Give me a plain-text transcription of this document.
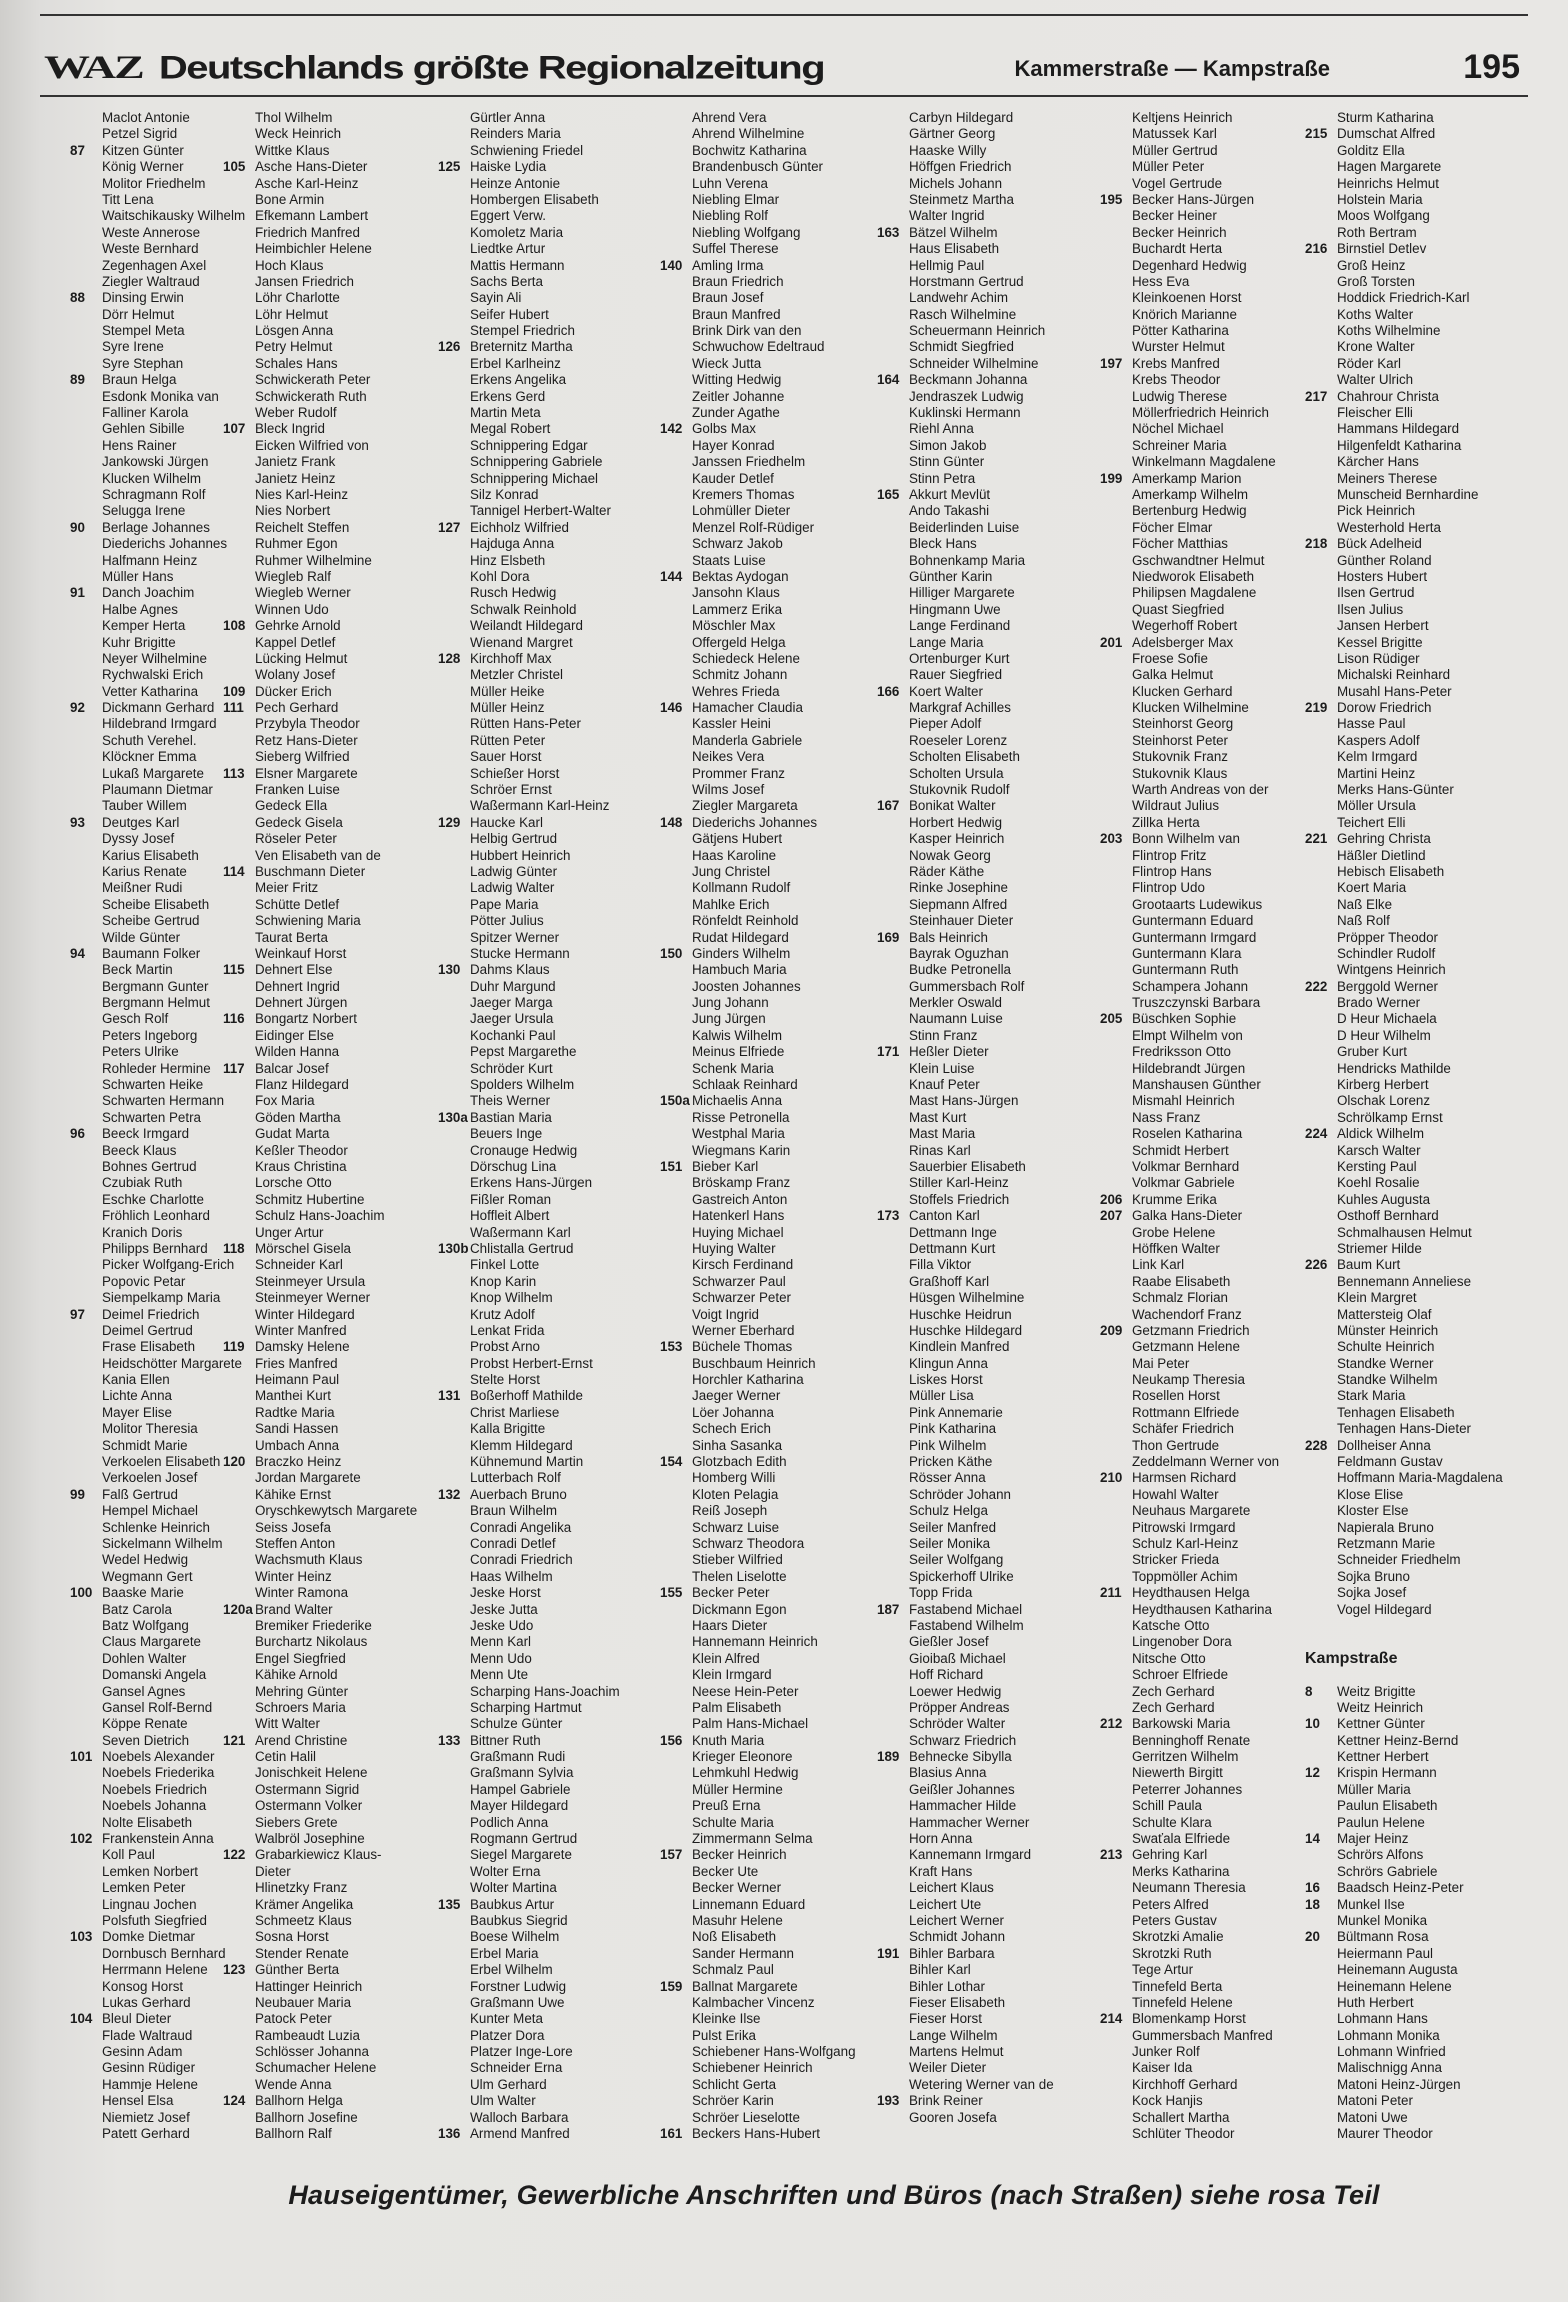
WAZ Deutschlands größte Regionalzeitung	Kammerstraße — Kampstraße	195
Maclot Antonie
Petzel Sigrid
87 Kitzen Günter
König Werner
Molitor Friedhelm
Titt Lena
Waitschikausky Wilhelm
Weste Annerose
Weste Bernhard
Zegenhagen Axel
Ziegler Waltraud
88 Dinsing Erwin
Dörr Helmut
Stempel Meta
Syre Irene
Syre Stephan
89 Braun Helga
Esdonk Monika van
Falliner Karola
Gehlen Sibille
Hens Rainer
Jankowski Jürgen
Klucken Wilhelm
Schragmann Rolf
Selugga Irene
90 Berlage Johannes
Diederichs Johannes
Halfmann Heinz
Müller Hans
91 Danch Joachim
Halbe Agnes
Kemper Herta
Kuhr Brigitte
Neyer Wilhelmine
Rychwalski Erich
Vetter Katharina
92 Dickmann Gerhard
Hildebrand Irmgard
Schuth Verehel.
Klöckner Emma
Lukaß Margarete
Plaumann Dietmar
Tauber Willem
93 Deutges Karl
Dyssy Josef
Karius Elisabeth
Karius Renate
Meißner Rudi
Scheibe Elisabeth
Scheibe Gertrud
Wilde Günter
94 Baumann Folker
Beck Martin
Bergmann Gunter
Bergmann Helmut
Gesch Rolf
Peters Ingeborg
Peters Ulrike
Rohleder Hermine
Schwarten Heike
Schwarten Hermann
Schwarten Petra
96 Beeck Irmgard
Beeck Klaus
Bohnes Gertrud
Czubiak Ruth
Eschke Charlotte
Fröhlich Leonhard
Kranich Doris
Philipps Bernhard
Picker Wolfgang-Erich
Popovic Petar
Siempelkamp Maria
97 Deimel Friedrich
Deimel Gertrud
Frase Elisabeth
Heidschötter Margarete
Kania Ellen
Lichte Anna
Mayer Elise
Molitor Theresia
Schmidt Marie
Verkoelen Elisabeth
Verkoelen Josef
99 Falß Gertrud
Hempel Michael
Schlenke Heinrich
Sickelmann Wilhelm
Wedel Hedwig
Wegmann Gert
100 Baaske Marie
Batz Carola
Batz Wolfgang
Claus Margarete
Dohlen Walter
Domanski Angela
Gansel Agnes
Gansel Rolf-Bernd
Köppe Renate
Seven Dietrich
101 Noebels Alexander
Noebels Friederika
Noebels Friedrich
Noebels Johanna
Nolte Elisabeth
102 Frankenstein Anna
Koll Paul
Lemken Norbert
Lemken Peter
Lingnau Jochen
Polsfuth Siegfried
103 Domke Dietmar
Dornbusch Bernhard
Herrmann Helene
Konsog Horst
Lukas Gerhard
104 Bleul Dieter
Flade Waltraud
Gesinn Adam
Gesinn Rüdiger
Hammje Helene
Hensel Elsa
Niemietz Josef
Patett Gerhard
Thol Wilhelm
Weck Heinrich
Wittke Klaus
105 Asche Hans-Dieter
Asche Karl-Heinz
Bone Armin
Efkemann Lambert
Friedrich Manfred
Heimbichler Helene
Hoch Klaus
Jansen Friedrich
Löhr Charlotte
Löhr Helmut
Lösgen Anna
Petry Helmut
Schales Hans
Schwickerath Peter
Schwickerath Ruth
Weber Rudolf
107 Bleck Ingrid
Eicken Wilfried von
Janietz Frank
Janietz Heinz
Nies Karl-Heinz
Nies Norbert
Reichelt Steffen
Ruhmer Egon
Ruhmer Wilhelmine
Wiegleb Ralf
Wiegleb Werner
Winnen Udo
108 Gehrke Arnold
Kappel Detlef
Lücking Helmut
Wolany Josef
109 Dücker Erich
111 Pech Gerhard
Przybyla Theodor
Retz Hans-Dieter
Sieberg Wilfried
113 Elsner Margarete
Franken Luise
Gedeck Ella
Gedeck Gisela
Röseler Peter
Ven Elisabeth van de
114 Buschmann Dieter
Meier Fritz
Schütte Detlef
Schwiening Maria
Taurat Berta
Weinkauf Horst
115 Dehnert Else
Dehnert Ingrid
Dehnert Jürgen
116 Bongartz Norbert
Eidinger Else
Wilden Hanna
117 Balcar Josef
Flanz Hildegard
Fox Maria
Göden Martha
Gudat Marta
Keßler Theodor
Kraus Christina
Lorsche Otto
Schmitz Hubertine
Schulz Hans-Joachim
Unger Artur
118 Mörschel Gisela
Schneider Karl
Steinmeyer Ursula
Steinmeyer Werner
Winter Hildegard
Winter Manfred
119 Damsky Helene
Fries Manfred
Heimann Paul
Manthei Kurt
Radtke Maria
Sandi Hassen
Umbach Anna
120 Braczko Heinz
Jordan Margarete
Kähike Ernst
Oryschkewytsch Margarete
Seiss Josefa
Steffen Anton
Wachsmuth Klaus
Winter Heinz
Winter Ramona
120a Brand Walter
Bremiker Friederike
Burchartz Nikolaus
Engel Siegfried
Kähike Arnold
Mehring Günter
Schroers Maria
Witt Walter
121 Arend Christine
Cetin Halil
Jonischkeit Helene
Ostermann Sigrid
Ostermann Volker
Siebers Grete
Walbröl Josephine
122 Grabarkiewicz Klaus-
Dieter
Hlinetzky Franz
Krämer Angelika
Schmeetz Klaus
Sosna Horst
Stender Renate
123 Günther Berta
Hattinger Heinrich
Neubauer Maria
Patock Peter
Rambeaudt Luzia
Schlösser Johanna
Schumacher Helene
Wende Anna
124 Ballhorn Helga
Ballhorn Josefine
Ballhorn Ralf
Gürtler Anna
Reinders Maria
Schwiening Friedel
125 Haiske Lydia
Heinze Antonie
Hombergen Elisabeth
Eggert Verw.
Komoletz Maria
Liedtke Artur
Mattis Hermann
Sachs Berta
Sayin Ali
Seifer Hubert
Stempel Friedrich
126 Breternitz Martha
Erbel Karlheinz
Erkens Angelika
Erkens Gerd
Martin Meta
Megal Robert
Schnippering Edgar
Schnippering Gabriele
Schnippering Michael
Silz Konrad
Tannigel Herbert-Walter
127 Eichholz Wilfried
Hajduga Anna
Hinz Elsbeth
Kohl Dora
Rusch Hedwig
Schwalk Reinhold
Weilandt Hildegard
Wienand Margret
128 Kirchhoff Max
Metzler Christel
Müller Heike
Müller Heinz
Rütten Hans-Peter
Rütten Peter
Sauer Horst
Schießer Horst
Schröer Ernst
Waßermann Karl-Heinz
129 Haucke Karl
Helbig Gertrud
Hubbert Heinrich
Ladwig Günter
Ladwig Walter
Pape Maria
Pötter Julius
Spitzer Werner
Stucke Hermann
130 Dahms Klaus
Duhr Margund
Jaeger Marga
Jaeger Ursula
Kochanki Paul
Pepst Margarethe
Schröder Kurt
Spolders Wilhelm
Theis Werner
130a Bastian Maria
Beuers Inge
Cronauge Hedwig
Dörschug Lina
Erkens Hans-Jürgen
Fißler Roman
Hoffleit Albert
Waßermann Karl
130bChlistalla Gertrud
Finkel Lotte
Knop Karin
Knop Wilhelm
Krutz Adolf
Lenkat Frida
Probst Arno
Probst Herbert-Ernst
Stelte Horst
131 Boßerhoff Mathilde
Christ Marliese
Kalla Brigitte
Klemm Hildegard
Kühnemund Martin
Lutterbach Rolf
132 Auerbach Bruno
Braun Wilhelm
Conradi Angelika
Conradi Detlef
Conradi Friedrich
Haas Wilhelm
Jeske Horst
Jeske Jutta
Jeske Udo
Menn Karl
Menn Udo
Menn Ute
Scharping Hans-Joachim
Scharping Hartmut
Schulze Günter
133 Bittner Ruth
Graßmann Rudi
Graßmann Sylvia
Hampel Gabriele
Mayer Hildegard
Podlich Anna
Rogmann Gertrud
Siegel Margarete
Wolter Erna
Wolter Martina
135 Baubkus Artur
Baubkus Siegrid
Boese Wilhelm
Erbel Maria
Erbel Wilhelm
Forstner Ludwig
Graßmann Uwe
Kunter Meta
Platzer Dora
Platzer Inge-Lore
Schneider Erna
Ulm Gerhard
Ulm Walter
Walloch Barbara
136 Armend Manfred
Ahrend Vera
Ahrend Wilhelmine
Bochwitz Katharina
Brandenbusch Günter
Luhn Verena
Niebling Elmar
Niebling Rolf
Niebling Wolfgang
Suffel Therese
140 Amling Irma
Braun Friedrich
Braun Josef
Braun Manfred
Brink Dirk van den
Schwuchow Edeltraud
Wieck Jutta
Witting Hedwig
Zeitler Johanne
Zunder Agathe
142 Golbs Max
Hayer Konrad
Janssen Friedhelm
Kauder Detlef
Kremers Thomas
Lohmüller Dieter
Menzel Rolf-Rüdiger
Schwarz Jakob
Staats Luise
144 Bektas Aydogan
Jansohn Klaus
Lammerz Erika
Möschler Max
Offergeld Helga
Schiedeck Helene
Schmitz Johann
Wehres Frieda
146 Hamacher Claudia
Kassler Heini
Manderla Gabriele
Neikes Vera
Prommer Franz
Wilms Josef
Ziegler Margareta
148 Diederichs Johannes
Gätjens Hubert
Haas Karoline
Jung Christel
Kollmann Rudolf
Mahlke Erich
Rönfeldt Reinhold
Rudat Hildegard
150 Ginders Wilhelm
Hambuch Maria
Joosten Johannes
Jung Johann
Jung Jürgen
Kalwis Wilhelm
Meinus Elfriede
Schenk Maria
Schlaak Reinhard
150a Michaelis Anna
Risse Petronella
Westphal Maria
Wiegmans Karin
151 Bieber Karl
Bröskamp Franz
Gastreich Anton
Hatenkerl Hans
Huying Michael
Huying Walter
Kirsch Ferdinand
Schwarzer Paul
Schwarzer Peter
Voigt Ingrid
Werner Eberhard
153 Büchele Thomas
Buschbaum Heinrich
Horchler Katharina
Jaeger Werner
Löer Johanna
Schech Erich
Sinha Sasanka
154 Glotzbach Edith
Homberg Willi
Kloten Pelagia
Reiß Joseph
Schwarz Luise
Schwarz Theodora
Stieber Wilfried
Thelen Liselotte
155 Becker Peter
Dickmann Egon
Haars Dieter
Hannemann Heinrich
Klein Alfred
Klein Irmgard
Neese Hein-Peter
Palm Elisabeth
Palm Hans-Michael
156 Knuth Maria
Krieger Eleonore
Lehmkuhl Hedwig
Müller Hermine
Preuß Erna
Schulte Maria
Zimmermann Selma
157 Becker Heinrich
Becker Ute
Becker Werner
Linnemann Eduard
Masuhr Helene
Noß Elisabeth
Sander Hermann
Schmalz Paul
159 Ballnat Margarete
Kalmbacher Vincenz
Kleinke Ilse
Pulst Erika
Schiebener Hans-Wolfgang
Schiebener Heinrich
Schlicht Gerta
Schröer Karin
Schröer Lieselotte
161 Beckers Hans-Hubert
Carbyn Hildegard
Gärtner Georg
Haaske Willy
Höffgen Friedrich
Michels Johann
Steinmetz Martha
Walter Ingrid
163 Bätzel Wilhelm
Haus Elisabeth
Hellmig Paul
Horstmann Gertrud
Landwehr Achim
Rasch Wilhelmine
Scheuermann Heinrich
Schmidt Siegfried
Schneider Wilhelmine
164 Beckmann Johanna
Jendraszek Ludwig
Kuklinski Hermann
Riehl Anna
Simon Jakob
Stinn Günter
Stinn Petra
165 Akkurt Mevlüt
Ando Takashi
Beiderlinden Luise
Bleck Hans
Bohnenkamp Maria
Günther Karin
Hilliger Margarete
Hingmann Uwe
Lange Ferdinand
Lange Maria
Ortenburger Kurt
Rauer Siegfried
166 Koert Walter
Markgraf Achilles
Pieper Adolf
Roeseler Lorenz
Scholten Elisabeth
Scholten Ursula
Stukovnik Rudolf
167 Bonikat Walter
Horbert Hedwig
Kasper Heinrich
Nowak Georg
Räder Käthe
Rinke Josephine
Siepmann Alfred
Steinhauer Dieter
169 Bals Heinrich
Bayrak Oguzhan
Budke Petronella
Gummersbach Rolf
Merkler Oswald
Naumann Luise
Stinn Franz
171 Heßler Dieter
Klein Luise
Knauf Peter
Mast Hans-Jürgen
Mast Kurt
Mast Maria
Rinas Karl
Sauerbier Elisabeth
Stiller Karl-Heinz
Stoffels Friedrich
173 Canton Karl
Dettmann Inge
Dettmann Kurt
Filla Viktor
Graßhoff Karl
Hüsgen Wilhelmine
Huschke Heidrun
Huschke Hildegard
Kindlein Manfred
Klingun Anna
Liskes Horst
Müller Lisa
Pink Annemarie
Pink Katharina
Pink Wilhelm
Pricken Käthe
Rösser Anna
Schröder Johann
Schulz Helga
Seiler Manfred
Seiler Monika
Seiler Wolfgang
Spickerhoff Ulrike
Topp Frida
187 Fastabend Michael
Fastabend Wilhelm
Gießler Josef
Gioibaß Michael
Hoff Richard
Loewer Hedwig
Pröpper Andreas
Schröder Walter
Schwarz Friedrich
189 Behnecke Sibylla
Blasius Anna
Geißler Johannes
Hammacher Hilde
Hammacher Werner
Horn Anna
Kannemann Irmgard
Kraft Hans
Leichert Klaus
Leichert Ute
Leichert Werner
Schmidt Johann
191 Bihler Barbara
Bihler Karl
Bihler Lothar
Fieser Elisabeth
Fieser Horst
Lange Wilhelm
Martens Helmut
Weiler Dieter
Wetering Werner van de
193 Brink Reiner
Gooren Josefa
Keltjens Heinrich
Matussek Karl
Müller Gertrud
Müller Peter
Vogel Gertrude
195 Becker Hans-Jürgen
Becker Heiner
Becker Heinrich
Buchardt Herta
Degenhard Hedwig
Hess Eva
Kleinkoenen Horst
Knörich Marianne
Pötter Katharina
Wurster Helmut
197 Krebs Manfred
Krebs Theodor
Ludwig Therese
Möllerfriedrich Heinrich
Nöchel Michael
Schreiner Maria
Winkelmann Magdalene
199 Amerkamp Marion
Amerkamp Wilhelm
Bertenburg Hedwig
Föcher Elmar
Föcher Matthias
Gschwandtner Helmut
Niedworok Elisabeth
Philipsen Magdalene
Quast Siegfried
Wegerhoff Robert
201 Adelsberger Max
Froese Sofie
Galka Helmut
Klucken Gerhard
Klucken Wilhelmine
Steinhorst Georg
Steinhorst Peter
Stukovnik Franz
Stukovnik Klaus
Warth Andreas von der
Wildraut Julius
Zillka Herta
203 Bonn Wilhelm van
Flintrop Fritz
Flintrop Hans
Flintrop Udo
Grootaarts Ludewikus
Guntermann Eduard
Guntermann Irmgard
Guntermann Klara
Guntermann Ruth
Schampera Johann
Truszczynski Barbara
205 Büschken Sophie
Elmpt Wilhelm von
Fredriksson Otto
Hildebrandt Jürgen
Manshausen Günther
Mismahl Heinrich
Nass Franz
Roselen Katharina
Schmidt Herbert
Volkmar Bernhard
Volkmar Gabriele
206 Krumme Erika
207 Galka Hans-Dieter
Grobe Helene
Höffken Walter
Link Karl
Raabe Elisabeth
Schmalz Florian
Wachendorf Franz
209 Getzmann Friedrich
Getzmann Helene
Mai Peter
Neukamp Theresia
Rosellen Horst
Rottmann Elfriede
Schäfer Friedrich
Thon Gertrude
Zeddelmann Werner von
210 Harmsen Richard
Howahl Walter
Neuhaus Margarete
Pitrowski Irmgard
Schulz Karl-Heinz
Stricker Frieda
Toppmöller Achim
211 Heydthausen Helga
Heydthausen Katharina
Katsche Otto
Lingenober Dora
Nitsche Otto
Schroer Elfriede
Zech Gerhard
Zech Gerhard
212 Barkowski Maria
Benninghoff Renate
Gerritzen Wilhelm
Niewerth Birgitt
Peterrer Johannes
Schill Paula
Schulte Klara
Swaťala Elfriede
213 Gehring Karl
Merks Katharina
Neumann Theresia
Peters Alfred
Peters Gustav
Skrotzki Amalie
Skrotzki Ruth
Tege Artur
Tinnefeld Berta
Tinnefeld Helene
214 Blomenkamp Horst
Gummersbach Manfred
Junker Rolf
Kaiser Ida
Kirchhoff Gerhard
Kock Hanjis
Schallert Martha
Schlüter Theodor
Sturm Katharina
215 Dumschat Alfred
Golditz Ella
Hagen Margarete
Heinrichs Helmut
Holstein Maria
Moos Wolfgang
Roth Bertram
216 Birnstiel Detlev
Groß Heinz
Groß Torsten
Hoddick Friedrich-Karl
Koths Walter
Koths Wilhelmine
Krone Walter
Röder Karl
Walter Ulrich
217 Chahrour Christa
Fleischer Elli
Hammans Hildegard
Hilgenfeldt Katharina
Kärcher Hans
Meiners Therese
Munscheid Bernhardine
Pick Heinrich
Westerhold Herta
218 Bück Adelheid
Günther Roland
Hosters Hubert
Ilsen Gertrud
Ilsen Julius
Jansen Herbert
Kessel Brigitte
Lison Rüdiger
Michalski Reinhard
Musahl Hans-Peter
219 Dorow Friedrich
Hasse Paul
Kaspers Adolf
Kelm Irmgard
Martini Heinz
Merks Hans-Günter
Möller Ursula
Teichert Elli
221 Gehring Christa
Häßler Dietlind
Hebisch Elisabeth
Koert Maria
Naß Elke
Naß Rolf
Pröpper Theodor
Schindler Rudolf
Wintgens Heinrich
222 Berggold Werner
Brado Werner
D Heur Michaela
D Heur Wilhelm
Gruber Kurt
Hendricks Mathilde
Kirberg Herbert
Olschak Lorenz
Schrölkamp Ernst
224 Aldick Wilhelm
Karsch Walter
Kersting Paul
Koehl Rosalie
Kuhles Augusta
Osthoff Bernhard
Schmalhausen Helmut
Striemer Hilde
226 Baum Kurt
Bennemann Anneliese
Klein Margret
Mattersteig Olaf
Münster Heinrich
Schulte Heinrich
Standke Werner
Standke Wilhelm
Stark Maria
Tenhagen Elisabeth
Tenhagen Hans-Dieter
228 Dollheiser Anna
Feldmann Gustav
Hoffmann Maria-Magdalena
Klose Elise
Kloster Else
Napierala Bruno
Retzmann Marie
Schneider Friedhelm
Sojka Bruno
Sojka Josef
Vogel Hildegard
Kampstraße
8 Weitz Brigitte
Weitz Heinrich
10 Kettner Günter
Kettner Heinz-Bernd
Kettner Herbert
12 Krispin Hermann
Müller Maria
Paulun Elisabeth
Paulun Helene
14 Majer Heinz
Schrörs Alfons
Schrörs Gabriele
16 Baadsch Heinz-Peter
18 Munkel Ilse
Munkel Monika
20 Bültmann Rosa
Heiermann Paul
Heinemann Augusta
Heinemann Helene
Huth Herbert
Lohmann Hans
Lohmann Monika
Lohmann Winfried
Malischnigg Anna
Matoni Heinz-Jürgen
Matoni Peter
Matoni Uwe
Maurer Theodor
Hauseigentümer, Gewerbliche Anschriften und Büros (nach Straßen) siehe rosa Teil
